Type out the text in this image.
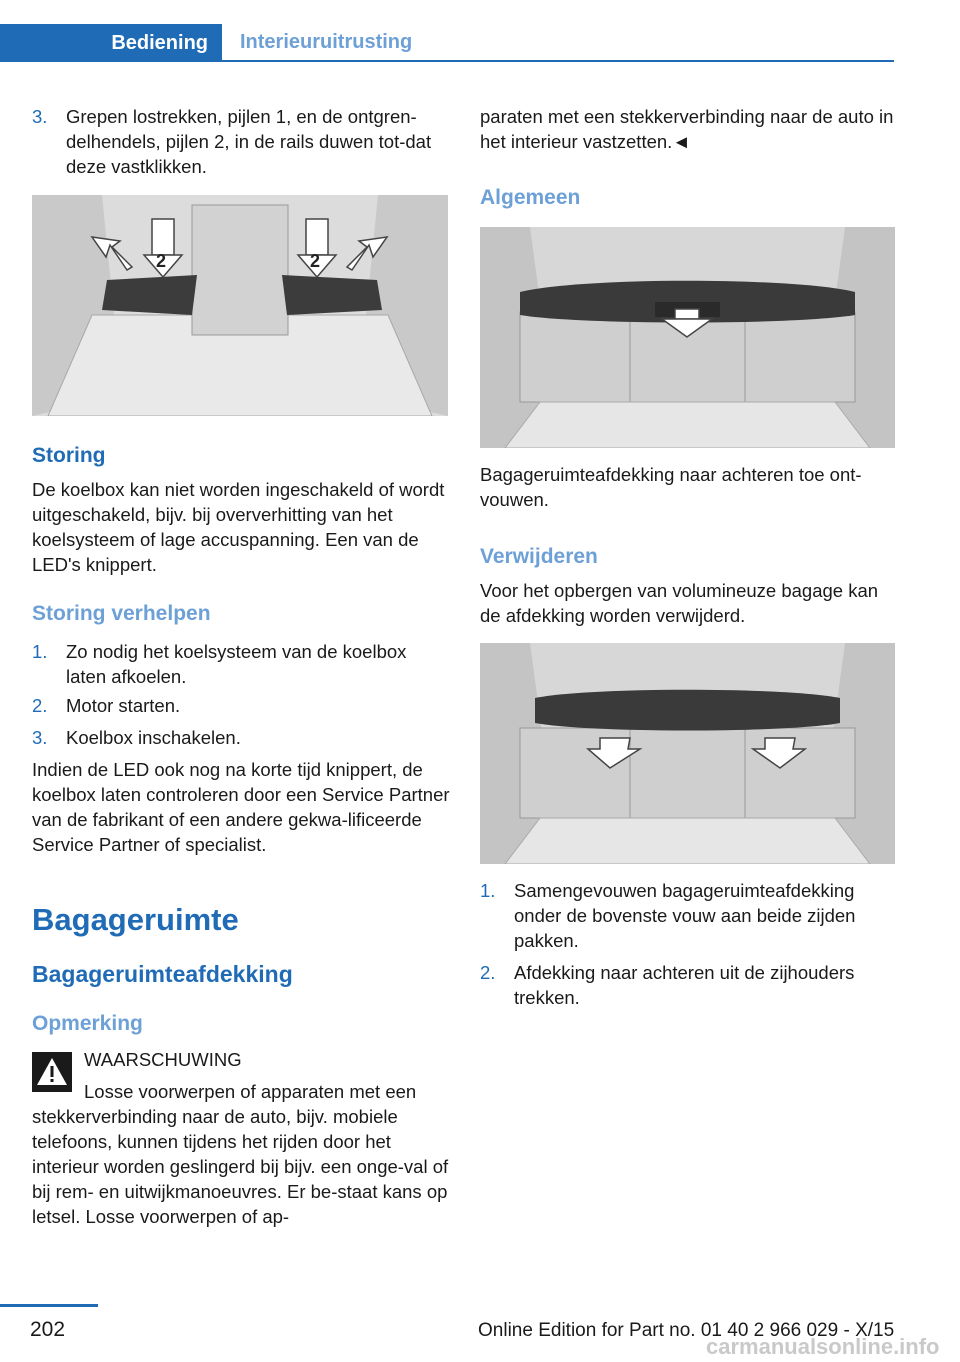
Bediening	Interieuruitrusting
3. Grepen lostrekken, pijlen 1, en de ontgren-delhendels, pijlen 2, in de rails duwen tot-dat deze vastklikken.
2	2
Storing
De koelbox kan niet worden ingeschakeld of wordt uitgeschakeld, bijv. bij oververhitting van het koelsysteem of lage accuspanning. Een van de LED's knippert.
Storing verhelpen
1. Zo nodig het koelsysteem van de koelbox laten afkoelen.
2. Motor starten.
3. Koelbox inschakelen.
Indien de LED ook nog na korte tijd knippert, de koelbox laten controleren door een Service Partner van de fabrikant of een andere gekwa-lificeerde Service Partner of specialist.
Bagageruimte
Bagageruimteafdekking
Opmerking
WAARSCHUWING
Losse voorwerpen of apparaten met een
stekkerverbinding naar de auto, bijv. mobiele telefoons, kunnen tijdens het rijden door het interieur worden geslingerd bij bijv. een onge-val of bij rem- en uitwijkmanoeuvres. Er be-staat kans op letsel. Losse voorwerpen of ap-
paraten met een stekkerverbinding naar de auto in het interieur vastzetten.◄
Algemeen
Bagageruimteafdekking naar achteren toe ont-vouwen.
Verwijderen
Voor het opbergen van volumineuze bagage kan de afdekking worden verwijderd.
1. Samengevouwen bagageruimteafdekking onder de bovenste vouw aan beide zijden pakken.
2. Afdekking naar achteren uit de zijhouders trekken.
202	Online Edition for Part no. 01 40 2 966 029 - X/15
carmanualsonline.info
